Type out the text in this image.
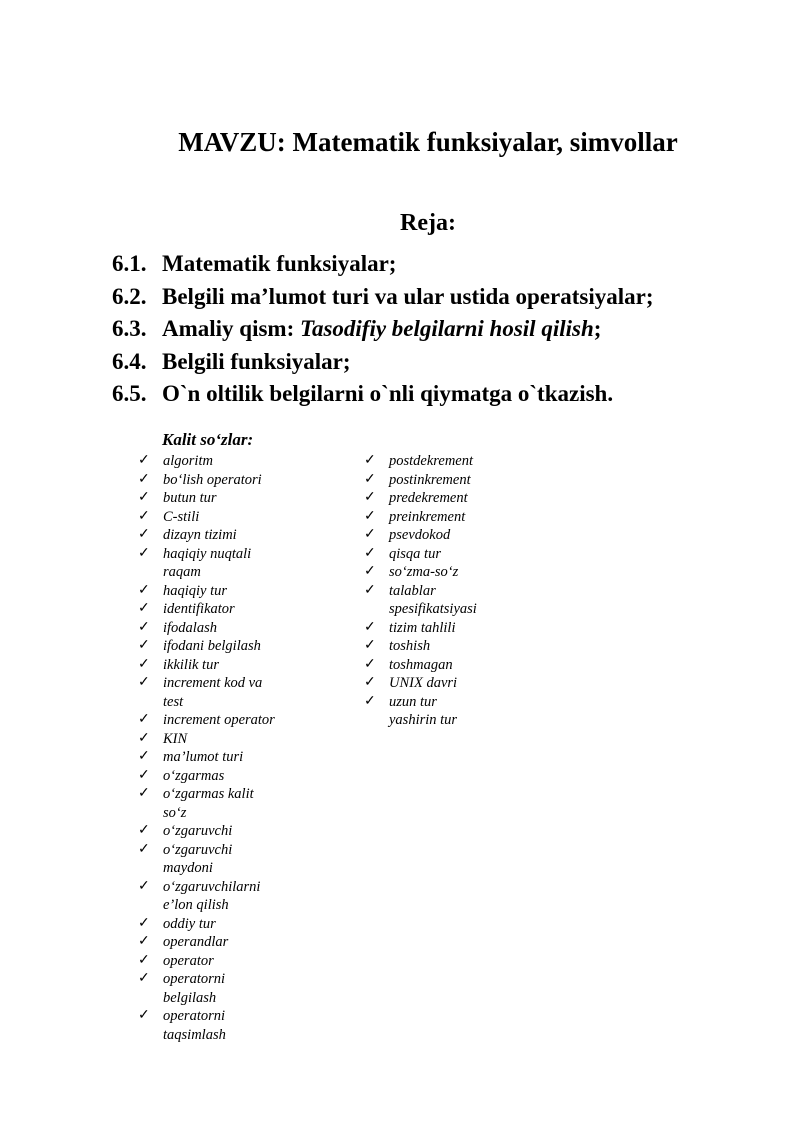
MAVZU: Matematik funksiyalar, simvollar
Reja:
6.1. Matematik funksiyalar;
6.2. Belgili ma’lumot turi va ular ustida operatsiyalar;
6.3. Amaliy qism: Tasodifiy belgilarni hosil qilish;
6.4. Belgili funksiyalar;
6.5. O`n oltilik belgilarni o`nli qiymatga o`tkazish.
Kalit so‘zlar:
✓ algoritm
✓ bo‘lish operatori
✓ butun tur
✓ C-stili
✓ dizayn tizimi
✓ haqiqiy nuqtali raqam
✓ haqiqiy tur
✓ identifikator
✓ ifodalash
✓ ifodani belgilash
✓ ikkilik tur
✓ increment kod va test
✓ increment operator
✓ KIN
✓ ma’lumot turi
✓ o‘zgarmas
✓ o‘zgarmas kalit so‘z
✓ o‘zgaruvchi
✓ o‘zgaruvchi maydoni
✓ o‘zgaruvchilarni e’lon qilish
✓ oddiy tur
✓ operandlar
✓ operator
✓ operatorni belgilash
✓ operatorni taqsimlash
✓ postdekrement
✓ postinkrement
✓ predekrement
✓ preinkrement
✓ psevdokod
✓ qisqa tur
✓ so‘zma-so‘z
✓ talablar spesifikatsiyasi
✓ tizim tahlili
✓ toshish
✓ toshmagan
✓ UNIX davri
✓ uzun tur
yashirin tur
